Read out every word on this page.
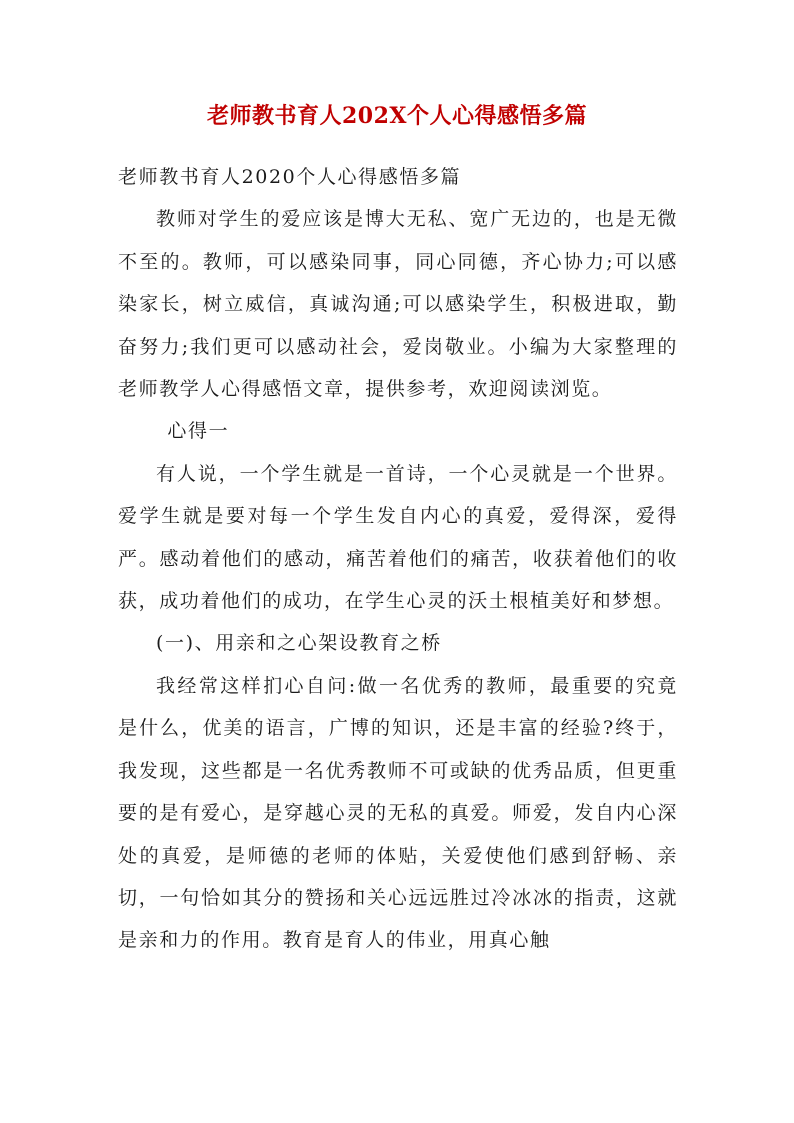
老师教书育人202X个人心得感悟多篇

老师教书育人2020个人心得感悟多篇

教师对学生的爱应该是博大无私、宽广无边的，也是无微不至的。教师，可以感染同事，同心同德，齐心协力;可以感染家长，树立威信，真诚沟通;可以感染学生，积极进取，勤奋努力;我们更可以感动社会，爱岗敬业。小编为大家整理的老师教学人心得感悟文章，提供参考，欢迎阅读浏览。

心得一

有人说，一个学生就是一首诗，一个心灵就是一个世界。爱学生就是要对每一个学生发自内心的真爱，爱得深，爱得严。感动着他们的感动，痛苦着他们的痛苦，收获着他们的收获，成功着他们的成功，在学生心灵的沃土根植美好和梦想。

(一)、用亲和之心架设教育之桥

我经常这样扪心自问:做一名优秀的教师，最重要的究竟是什么，优美的语言，广博的知识，还是丰富的经验?终于，我发现，这些都是一名优秀教师不可或缺的优秀品质，但更重要的是有爱心，是穿越心灵的无私的真爱。师爱，发自内心深处的真爱，是师德的老师的体贴，关爱使他们感到舒畅、亲切，一句恰如其分的赞扬和关心远远胜过冷冰冰的指责，这就是亲和力的作用。教育是育人的伟业，用真心触
